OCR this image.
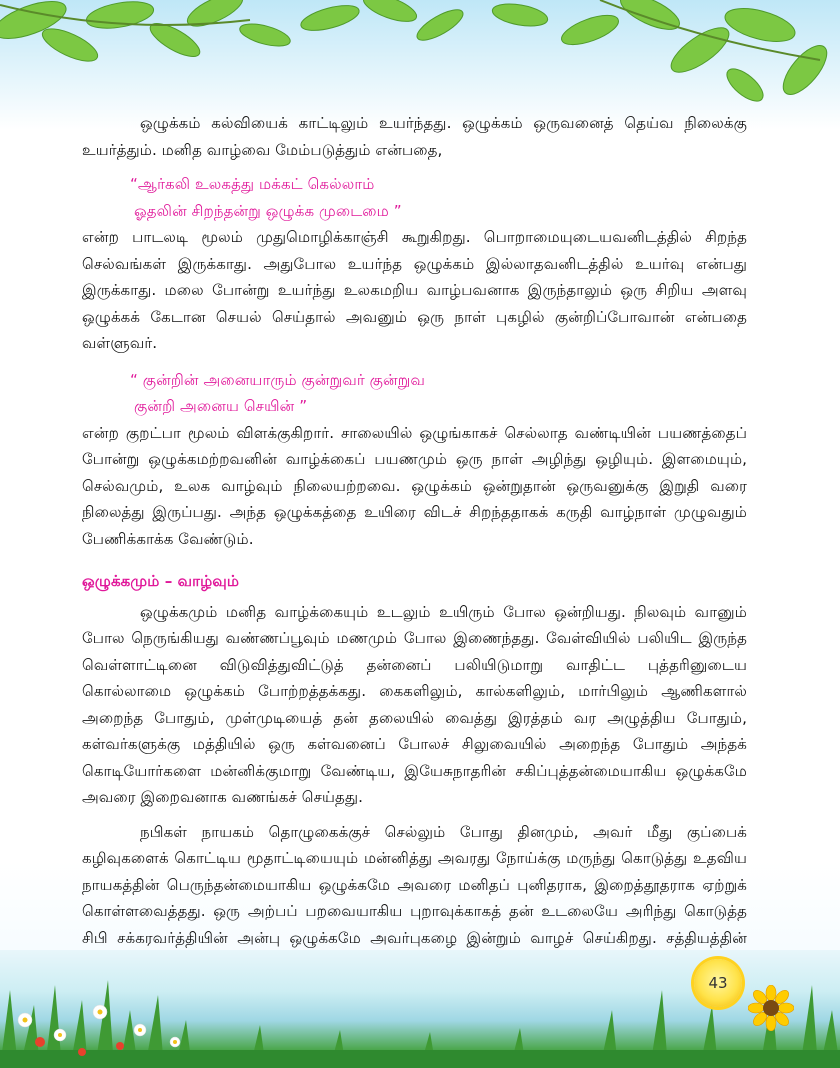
ஒழுக்கம் கல்வியைக் காட்டிலும் உயர்ந்தது. ஒழுக்கம் ஒருவனைத் தெய்வ நிலைக்கு உயர்த்தும். மனித வாழ்வை மேம்படுத்தும் என்பதை,

“ஆர்கலி உலகத்து மக்கட் கெல்லாம்

ஓதலின் சிறந்தன்று ஒழுக்க முடைமை ”

என்ற பாடலடி மூலம் முதுமொழிக்காஞ்சி கூறுகிறது. பொறாமையுடையவனிடத்தில் சிறந்த செல்வங்கள் இருக்காது. அதுபோல உயர்ந்த ஒழுக்கம் இல்லாதவனிடத்தில் உயர்வு என்பது இருக்காது. மலை போன்று உயர்ந்து உலகமறிய வாழ்பவனாக இருந்தாலும் ஒரு சிறிய அளவு ஒழுக்கக் கேடான செயல் செய்தால் அவனும் ஒரு நாள் புகழில் குன்றிப்போவான் என்பதை வள்ளுவர்.

“ குன்றின் அனையாரும் குன்றுவர் குன்றுவ

குன்றி அனைய செயின் ”

என்ற குறட்பா மூலம் விளக்குகிறார். சாலையில் ஒழுங்காகச் செல்லாத வண்டியின் பயணத்தைப் போன்று ஒழுக்கமற்றவனின் வாழ்க்கைப் பயணமும் ஒரு நாள் அழிந்து ஒழியும். இளமையும், செல்வமும், உலக வாழ்வும் நிலையற்றவை. ஒழுக்கம் ஒன்றுதான் ஒருவனுக்கு இறுதி வரை நிலைத்து இருப்பது. அந்த ஒழுக்கத்தை உயிரை விடச் சிறந்ததாகக் கருதி வாழ்நாள் முழுவதும் பேணிக்காக்க வேண்டும்.

ஒழுக்கமும் – வாழ்வும்

ஒழுக்கமும் மனித வாழ்க்கையும் உடலும் உயிரும் போல ஒன்றியது. நிலவும் வானும் போல நெருங்கியது வண்ணப்பூவும் மணமும் போல இணைந்தது. வேள்வியில் பலியிட இருந்த வெள்ளாட்டினை விடுவித்துவிட்டுத் தன்னைப் பலியிடுமாறு வாதிட்ட புத்தரினுடைய கொல்லாமை ஒழுக்கம் போற்றத்தக்கது. கைகளிலும், கால்களிலும், மார்பிலும் ஆணிகளால் அறைந்த போதும், முள்முடியைத் தன் தலையில் வைத்து இரத்தம் வர அழுத்திய போதும், கள்வர்களுக்கு மத்தியில் ஒரு கள்வனைப் போலச் சிலுவையில் அறைந்த போதும் அந்தக் கொடியோர்களை மன்னிக்குமாறு வேண்டிய, இயேசுநாதரின் சகிப்புத்தன்மையாகிய ஒழுக்கமே அவரை இறைவனாக வணங்கச் செய்தது.

நபிகள் நாயகம் தொழுகைக்குச் செல்லும் போது தினமும், அவர் மீது குப்பைக் கழிவுகளைக் கொட்டிய மூதாட்டியையும் மன்னித்து அவரது நோய்க்கு மருந்து கொடுத்து உதவிய நாயகத்தின் பெருந்தன்மையாகிய ஒழுக்கமே அவரை மனிதப் புனிதராக, இறைத்தூதராக ஏற்றுக் கொள்ளவைத்தது. ஒரு அற்பப் பறவையாகிய புறாவுக்காகத் தன் உடலையே அரிந்து கொடுத்த சிபி சக்கரவர்த்தியின் அன்பு ஒழுக்கமே அவர்புகழை இன்றும் வாழச் செய்கிறது. சத்தியத்தின்

43
